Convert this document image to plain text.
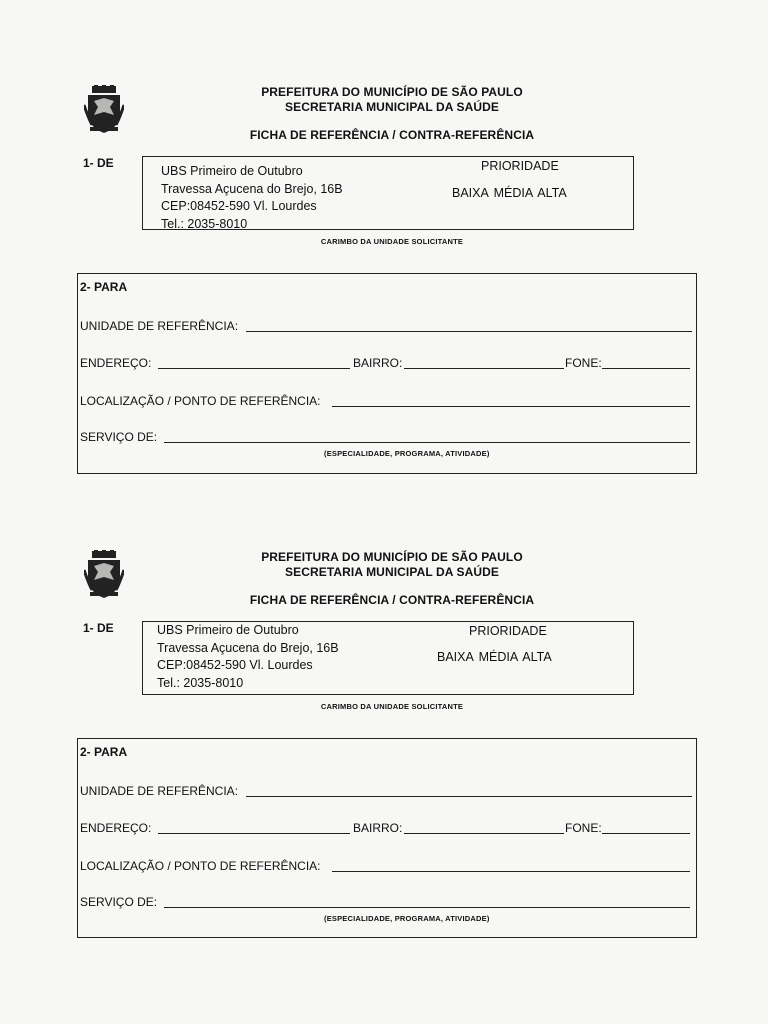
PREFEITURA DO MUNICÍPIO DE SÃO PAULO
SECRETARIA MUNICIPAL DA SAÚDE
FICHA DE REFERÊNCIA / CONTRA-REFERÊNCIA
1- DE
UBS Primeiro de Outubro
Travessa Açucena do Brejo, 16B
CEP:08452-590 Vl. Lourdes
Tel.: 2035-8010
PRIORIDADE
BAIXA MÉDIA ALTA
CARIMBO DA UNIDADE SOLICITANTE
2- PARA
UNIDADE DE REFERÊNCIA:
ENDEREÇO:	BAIRRO:	FONE:
LOCALIZAÇÃO / PONTO DE REFERÊNCIA:
SERVIÇO DE:
(ESPECIALIDADE, PROGRAMA, ATIVIDADE)
PREFEITURA DO MUNICÍPIO DE SÃO PAULO
SECRETARIA MUNICIPAL DA SAÚDE
FICHA DE REFERÊNCIA / CONTRA-REFERÊNCIA
1- DE	UBS Primeiro de Outubro
Travessa Açucena do Brejo, 16B
CEP:08452-590 Vl. Lourdes
Tel.: 2035-8010
PRIORIDADE
BAIXA MÉDIA ALTA
CARIMBO DA UNIDADE SOLICITANTE
2- PARA
UNIDADE DE REFERÊNCIA:
ENDEREÇO:	BAIRRO:	FONE:
LOCALIZAÇÃO / PONTO DE REFERÊNCIA:
SERVIÇO DE:
(ESPECIALIDADE, PROGRAMA, ATIVIDADE)
